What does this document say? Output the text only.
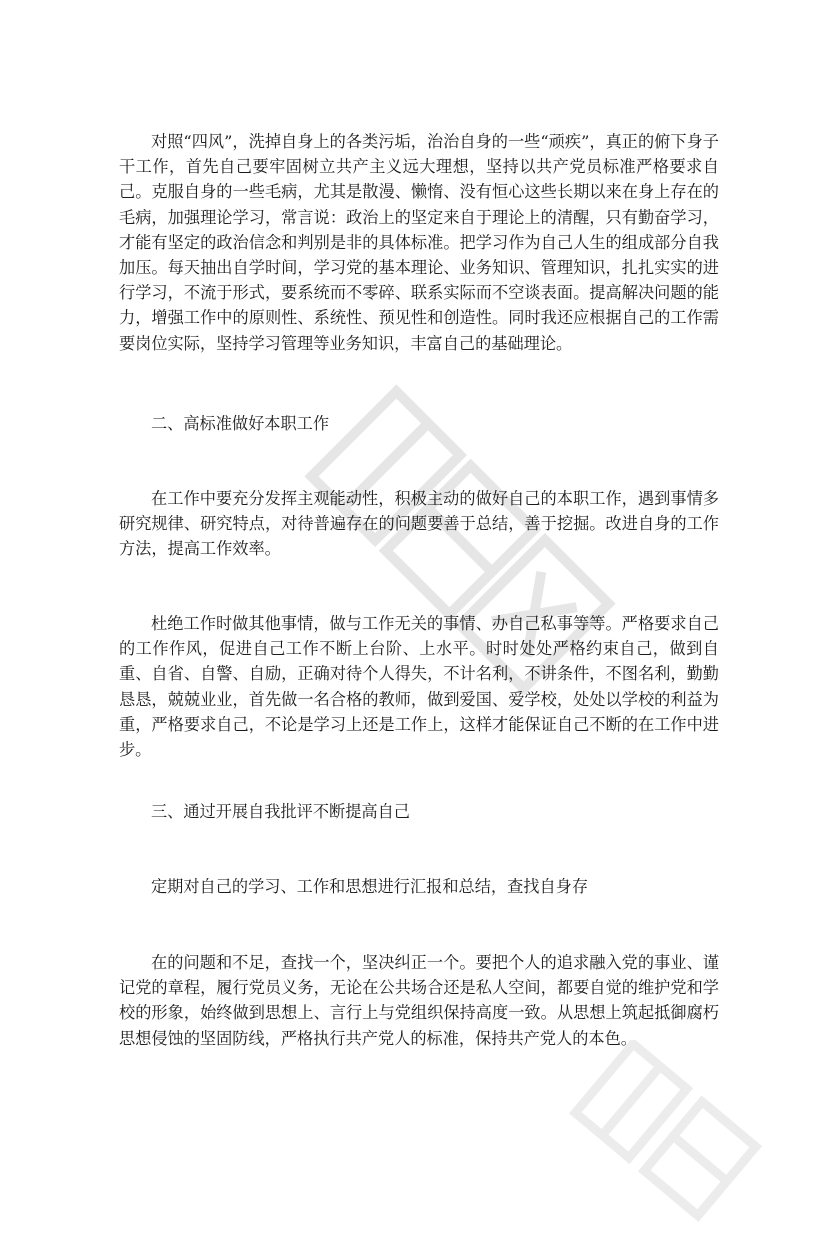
对照“四风”，洗掉自身上的各类污垢，治治自身的一些“顽疾”，真正的俯下身子干工作，首先自己要牢固树立共产主义远大理想，坚持以共产党员标准严格要求自己。克服自身的一些毛病，尤其是散漫、懒惰、没有恒心这些长期以来在身上存在的毛病，加强理论学习，常言说：政治上的坚定来自于理论上的清醒，只有勤奋学习，才能有坚定的政治信念和判别是非的具体标准。把学习作为自己人生的组成部分自我加压。每天抽出自学时间，学习党的基本理论、业务知识、管理知识，扎扎实实的进行学习，不流于形式，要系统而不零碎、联系实际而不空谈表面。提高解决问题的能力，增强工作中的原则性、系统性、预见性和创造性。同时我还应根据自己的工作需要岗位实际，坚持学习管理等业务知识，丰富自己的基础理论。

二、高标准做好本职工作

在工作中要充分发挥主观能动性，积极主动的做好自己的本职工作，遇到事情多研究规律、研究特点，对待普遍存在的问题要善于总结，善于挖掘。改进自身的工作方法，提高工作效率。

杜绝工作时做其他事情，做与工作无关的事情、办自己私事等等。严格要求自己的工作作风，促进自己工作不断上台阶、上水平。时时处处严格约束自己，做到自重、自省、自警、自励，正确对待个人得失，不计名利，不讲条件，不图名利，勤勤恳恳，兢兢业业，首先做一名合格的教师，做到爱国、爱学校，处处以学校的利益为重，严格要求自己，不论是学习上还是工作上，这样才能保证自己不断的在工作中进步。

三、通过开展自我批评不断提高自己

定期对自己的学习、工作和思想进行汇报和总结，查找自身存

在的问题和不足，查找一个，坚决纠正一个。要把个人的追求融入党的事业、谨记党的章程，履行党员义务，无论在公共场合还是私人空间，都要自觉的维护党和学校的形象，始终做到思想上、言行上与党组织保持高度一致。从思想上筑起抵御腐朽思想侵蚀的坚固防线，严格执行共产党人的标准，保持共产党人的本色。
